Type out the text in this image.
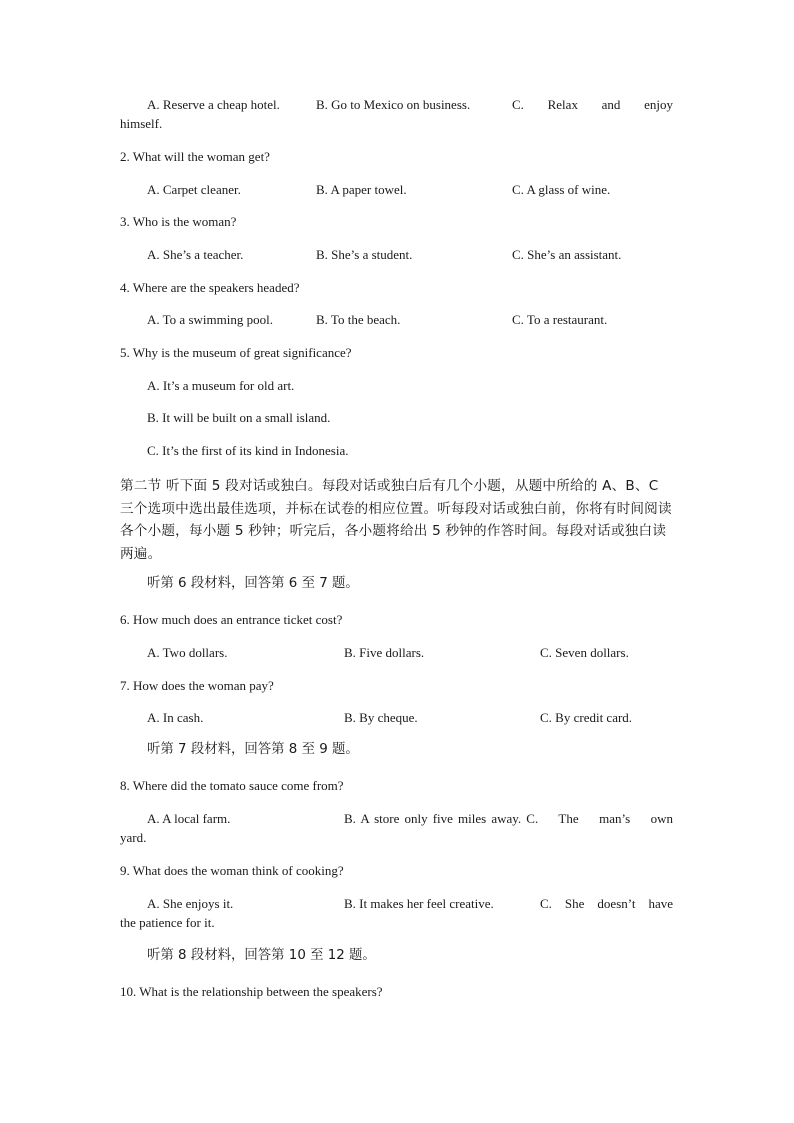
A. Reserve a cheap hotel.	B. Go to Mexico on business.	C.    Relax    and    enjoy
himself.
2. What will the woman get?
A. Carpet cleaner.	B. A paper towel.	C. A glass of wine.
3. Who is the woman?
A. She’s a teacher.	B. She’s a student.	C. She’s an assistant.
4. Where are the speakers headed?
A. To a swimming pool.	B. To the beach.	C. To a restaurant.
5. Why is the museum of great significance?
A. It’s a museum for old art.
B. It will be built on a small island.
C. It’s the first of its kind in Indonesia.
第二节 听下面 5 段对话或独白。每段对话或独白后有几个小题，从题中所给的 A、B、C 三个选项中选出最佳选项，并标在试卷的相应位置。听每段对话或独白前，你将有时间阅读各个小题，每小题 5 秒钟；听完后，各小题将给出 5 秒钟的作答时间。每段对话或独白读两遍。
听第 6 段材料，回答第 6 至 7 题。
6. How much does an entrance ticket cost?
A. Two dollars.	B. Five dollars.	C. Seven dollars.
7. How does the woman pay?
A. In cash.	B. By cheque.	C. By credit card.
听第 7 段材料，回答第 8 至 9 题。
8. Where did the tomato sauce come from?
A. A local farm.	B. A store only five miles away. C.    The    man’s    own
yard.
9. What does the woman think of cooking?
A. She enjoys it.	B. It makes her feel creative.	C.   She   doesn’t   have
the patience for it.
听第 8 段材料，回答第 10 至 12 题。
10. What is the relationship between the speakers?
